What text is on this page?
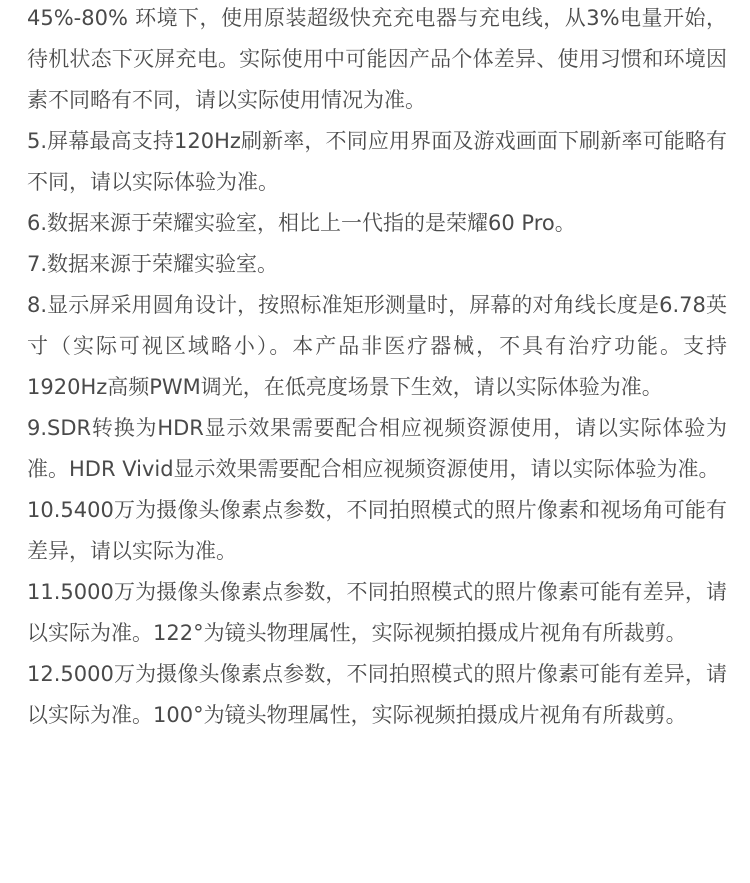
45%-80% 环境下，使用原装超级快充充电器与充电线，从3%电量开始，待机状态下灭屏充电。实际使用中可能因产品个体差异、使用习惯和环境因素不同略有不同，请以实际使用情况为准。

5.屏幕最高支持120Hz刷新率，不同应用界面及游戏画面下刷新率可能略有不同，请以实际体验为准。

6.数据来源于荣耀实验室，相比上一代指的是荣耀60 Pro。

7.数据来源于荣耀实验室。

8.显示屏采用圆角设计，按照标准矩形测量时，屏幕的对角线长度是6.78英寸（实际可视区域略小）。本产品非医疗器械，不具有治疗功能。支持1920Hz高频PWM调光，在低亮度场景下生效，请以实际体验为准。

9.SDR转换为HDR显示效果需要配合相应视频资源使用，请以实际体验为准。HDR Vivid显示效果需要配合相应视频资源使用，请以实际体验为准。

10.5400万为摄像头像素点参数，不同拍照模式的照片像素和视场角可能有差异，请以实际为准。

11.5000万为摄像头像素点参数，不同拍照模式的照片像素可能有差异，请以实际为准。122°为镜头物理属性，实际视频拍摄成片视角有所裁剪。

12.5000万为摄像头像素点参数，不同拍照模式的照片像素可能有差异，请以实际为准。100°为镜头物理属性，实际视频拍摄成片视角有所裁剪。
